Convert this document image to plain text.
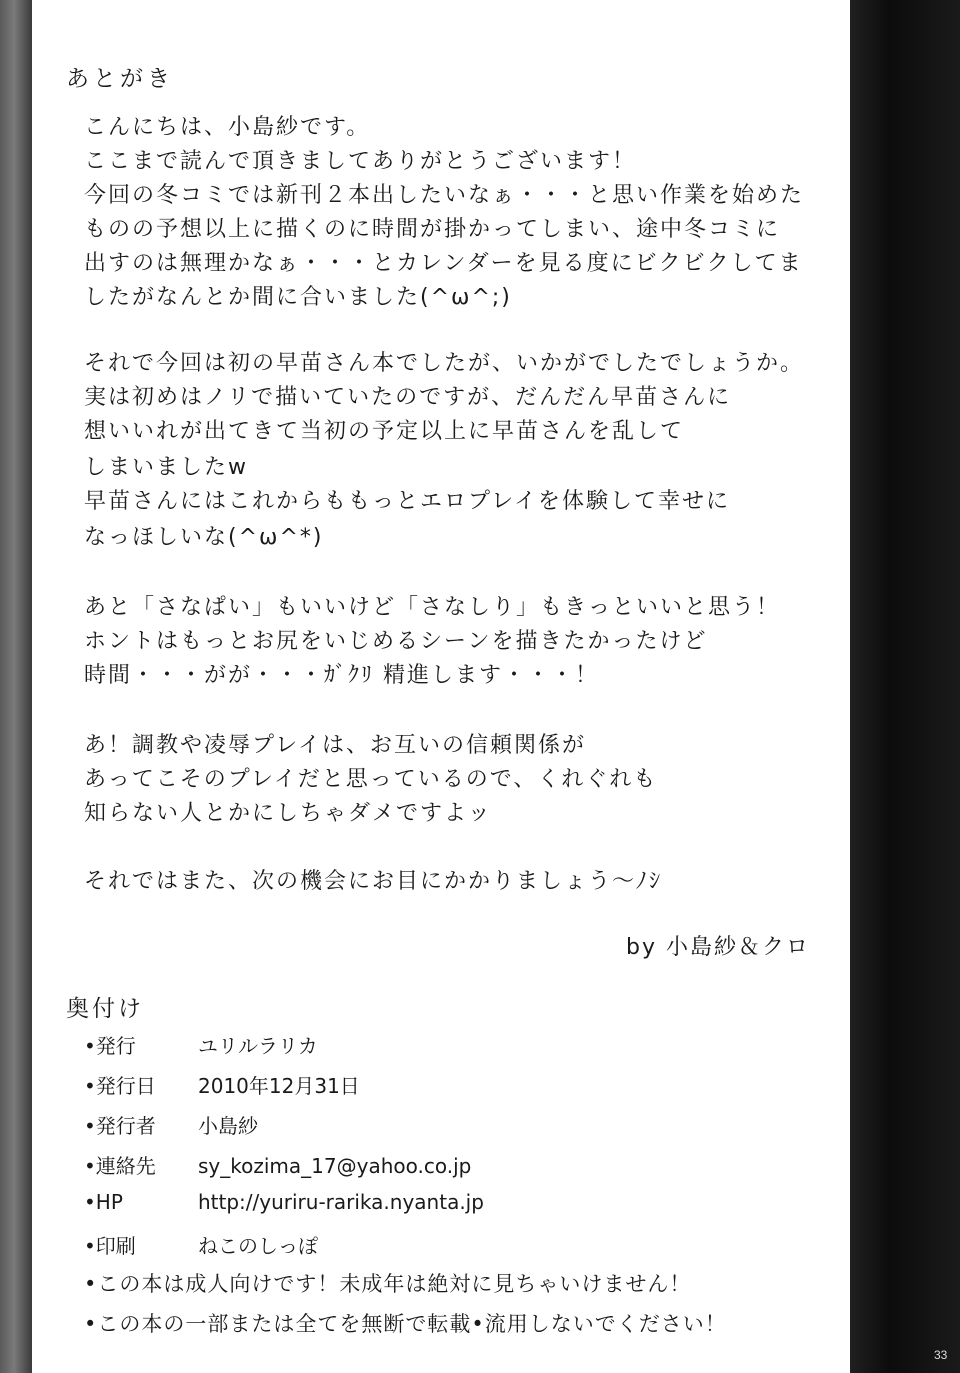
あとがき
こんにちは、小島紗です。
ここまで読んで頂きましてありがとうございます！
今回の冬コミでは新刊２本出したいなぁ・・・と思い作業を始めた
ものの予想以上に描くのに時間が掛かってしまい、途中冬コミに
出すのは無理かなぁ・・・とカレンダーを見る度にビクビクしてま
したがなんとか間に合いました(^ω^;)
それで今回は初の早苗さん本でしたが、いかがでしたでしょうか。
実は初めはノリで描いていたのですが、だんだん早苗さんに
想いいれが出てきて当初の予定以上に早苗さんを乱して
しまいましたw
早苗さんにはこれからももっとエロプレイを体験して幸せに
なっほしいな(^ω^*)
あと「さなぱい」もいいけど「さなしり」もきっといいと思う！
ホントはもっとお尻をいじめるシーンを描きたかったけど
時間・・・がが・・・ｶﾞｸﾘ 精進します・・・！
あ！調教や凌辱プレイは、お互いの信頼関係が
あってこそのプレイだと思っているので、くれぐれも
知らない人とかにしちゃダメですよッ
それではまた、次の機会にお目にかかりましょう～ﾉｼ
by 小島紗＆クロ
奥付け
•発行	ユリルラリカ
•発行日 2010年12月31日
•発行者 小島紗
•連絡先 sy_kozima_17@yahoo.co.jp
•HP	http://yuriru-rarika.nyanta.jp
•印刷	ねこのしっぽ
•この本は成人向けです！未成年は絶対に見ちゃいけません！
•この本の一部または全てを無断で転載•流用しないでください！
33
